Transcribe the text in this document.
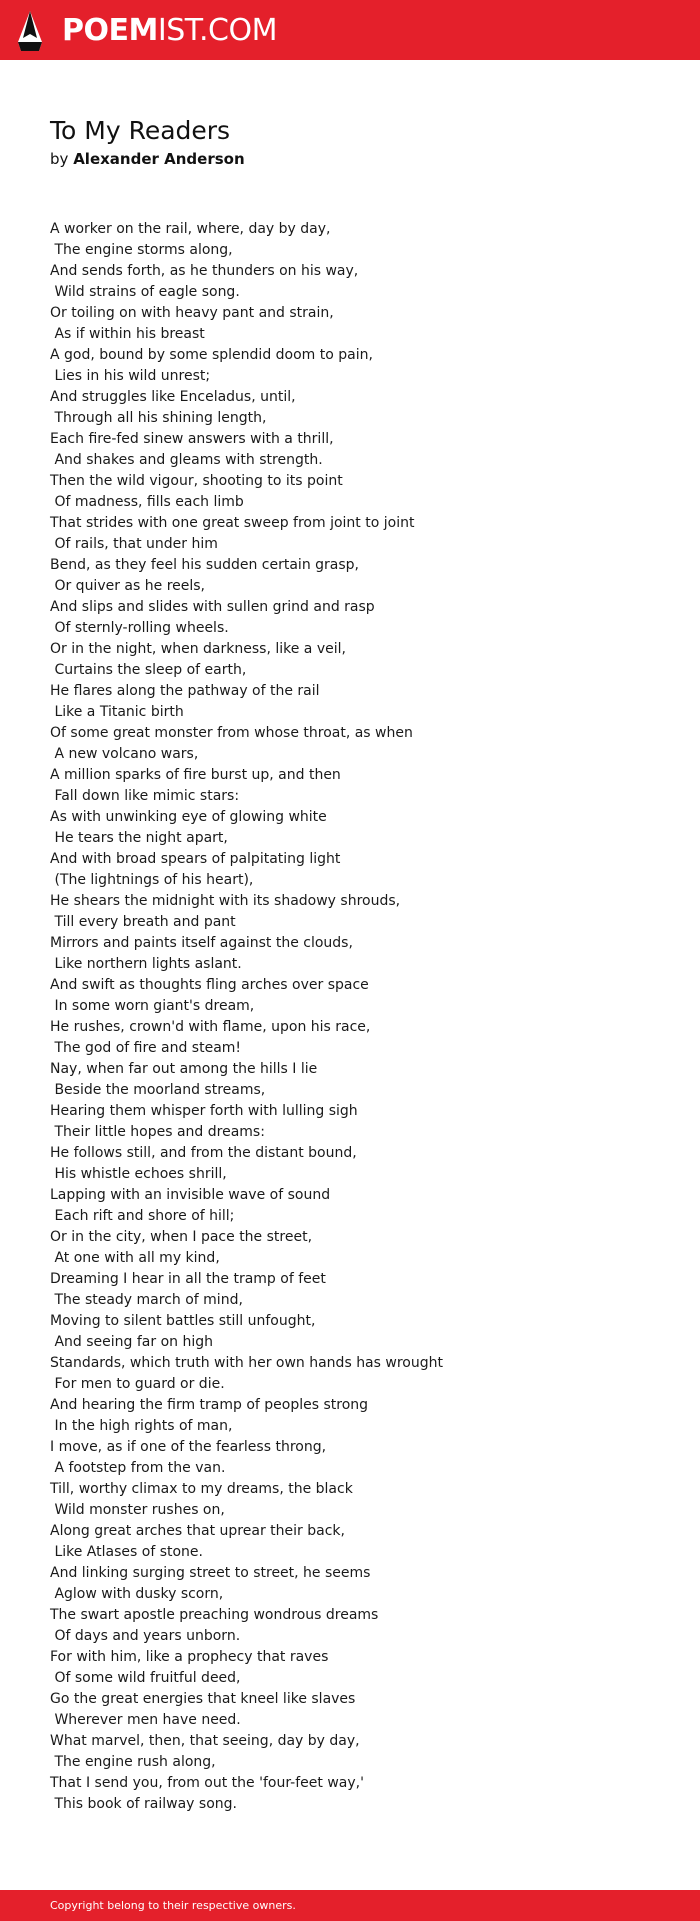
POEMIST.COM
To My Readers
by Alexander Anderson
A worker on the rail, where, day by day,
The engine storms along,
And sends forth, as he thunders on his way,
Wild strains of eagle song.
Or toiling on with heavy pant and strain,
As if within his breast
A god, bound by some splendid doom to pain,
Lies in his wild unrest;
And struggles like Enceladus, until,
Through all his shining length,
Each fire-fed sinew answers with a thrill,
And shakes and gleams with strength.
Then the wild vigour, shooting to its point
Of madness, fills each limb
That strides with one great sweep from joint to joint
Of rails, that under him
Bend, as they feel his sudden certain grasp,
Or quiver as he reels,
And slips and slides with sullen grind and rasp
Of sternly-rolling wheels.
Or in the night, when darkness, like a veil,
Curtains the sleep of earth,
He flares along the pathway of the rail
Like a Titanic birth
Of some great monster from whose throat, as when
A new volcano wars,
A million sparks of fire burst up, and then
Fall down like mimic stars:
As with unwinking eye of glowing white
He tears the night apart,
And with broad spears of palpitating light
(The lightnings of his heart),
He shears the midnight with its shadowy shrouds,
Till every breath and pant
Mirrors and paints itself against the clouds,
Like northern lights aslant.
And swift as thoughts fling arches over space
In some worn giant's dream,
He rushes, crown'd with flame, upon his race,
The god of fire and steam!
Nay, when far out among the hills I lie
Beside the moorland streams,
Hearing them whisper forth with lulling sigh
Their little hopes and dreams:
He follows still, and from the distant bound,
His whistle echoes shrill,
Lapping with an invisible wave of sound
Each rift and shore of hill;
Or in the city, when I pace the street,
At one with all my kind,
Dreaming I hear in all the tramp of feet
The steady march of mind,
Moving to silent battles still unfought,
And seeing far on high
Standards, which truth with her own hands has wrought
For men to guard or die.
And hearing the firm tramp of peoples strong
In the high rights of man,
I move, as if one of the fearless throng,
A footstep from the van.
Till, worthy climax to my dreams, the black
Wild monster rushes on,
Along great arches that uprear their back,
Like Atlases of stone.
And linking surging street to street, he seems
Aglow with dusky scorn,
The swart apostle preaching wondrous dreams
Of days and years unborn.
For with him, like a prophecy that raves
Of some wild fruitful deed,
Go the great energies that kneel like slaves
Wherever men have need.
What marvel, then, that seeing, day by day,
The engine rush along,
That I send you, from out the 'four-feet way,'
This book of railway song.
Copyright belong to their respective owners.
